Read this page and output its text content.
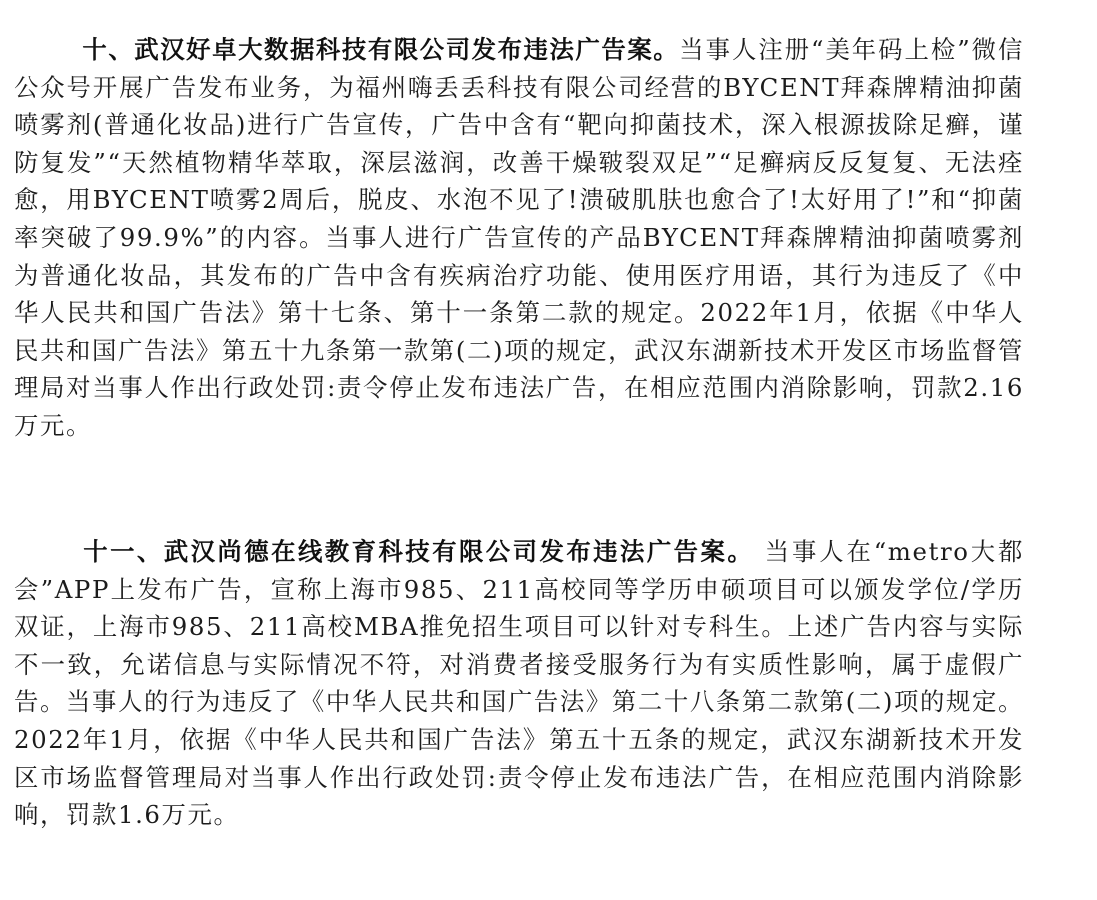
十、武汉好卓大数据科技有限公司发布违法广告案。当事人注册“美年码上检”微信公众号开展广告发布业务，为福州嗨丢丢科技有限公司经营的BYCENT拜森牌精油抑菌喷雾剂(普通化妆品)进行广告宣传，广告中含有“靶向抑菌技术，深入根源拔除足癣，谨防复发”“天然植物精华萃取，深层滋润，改善干燥皲裂双足”“足癣病反反复复、无法痊愈，用BYCENT喷雾2周后，脱皮、水泡不见了!溃破肌肤也愈合了!太好用了!”和“抑菌率突破了99.9%”的内容。当事人进行广告宣传的产品BYCENT拜森牌精油抑菌喷雾剂为普通化妆品，其发布的广告中含有疾病治疗功能、使用医疗用语，其行为违反了《中华人民共和国广告法》第十七条、第十一条第二款的规定。2022年1月，依据《中华人民共和国广告法》第五十九条第一款第(二)项的规定，武汉东湖新技术开发区市场监督管理局对当事人作出行政处罚:责令停止发布违法广告，在相应范围内消除影响，罚款2.16万元。

十一、武汉尚德在线教育科技有限公司发布违法广告案。 当事人在“metro大都会”APP上发布广告，宣称上海市985、211高校同等学历申硕项目可以颁发学位/学历双证，上海市985、211高校MBA推免招生项目可以针对专科生。上述广告内容与实际不一致，允诺信息与实际情况不符，对消费者接受服务行为有实质性影响，属于虚假广告。当事人的行为违反了《中华人民共和国广告法》第二十八条第二款第(二)项的规定。 2022年1月，依据《中华人民共和国广告法》第五十五条的规定，武汉东湖新技术开发区市场监督管理局对当事人作出行政处罚:责令停止发布违法广告，在相应范围内消除影响，罚款1.6万元。
